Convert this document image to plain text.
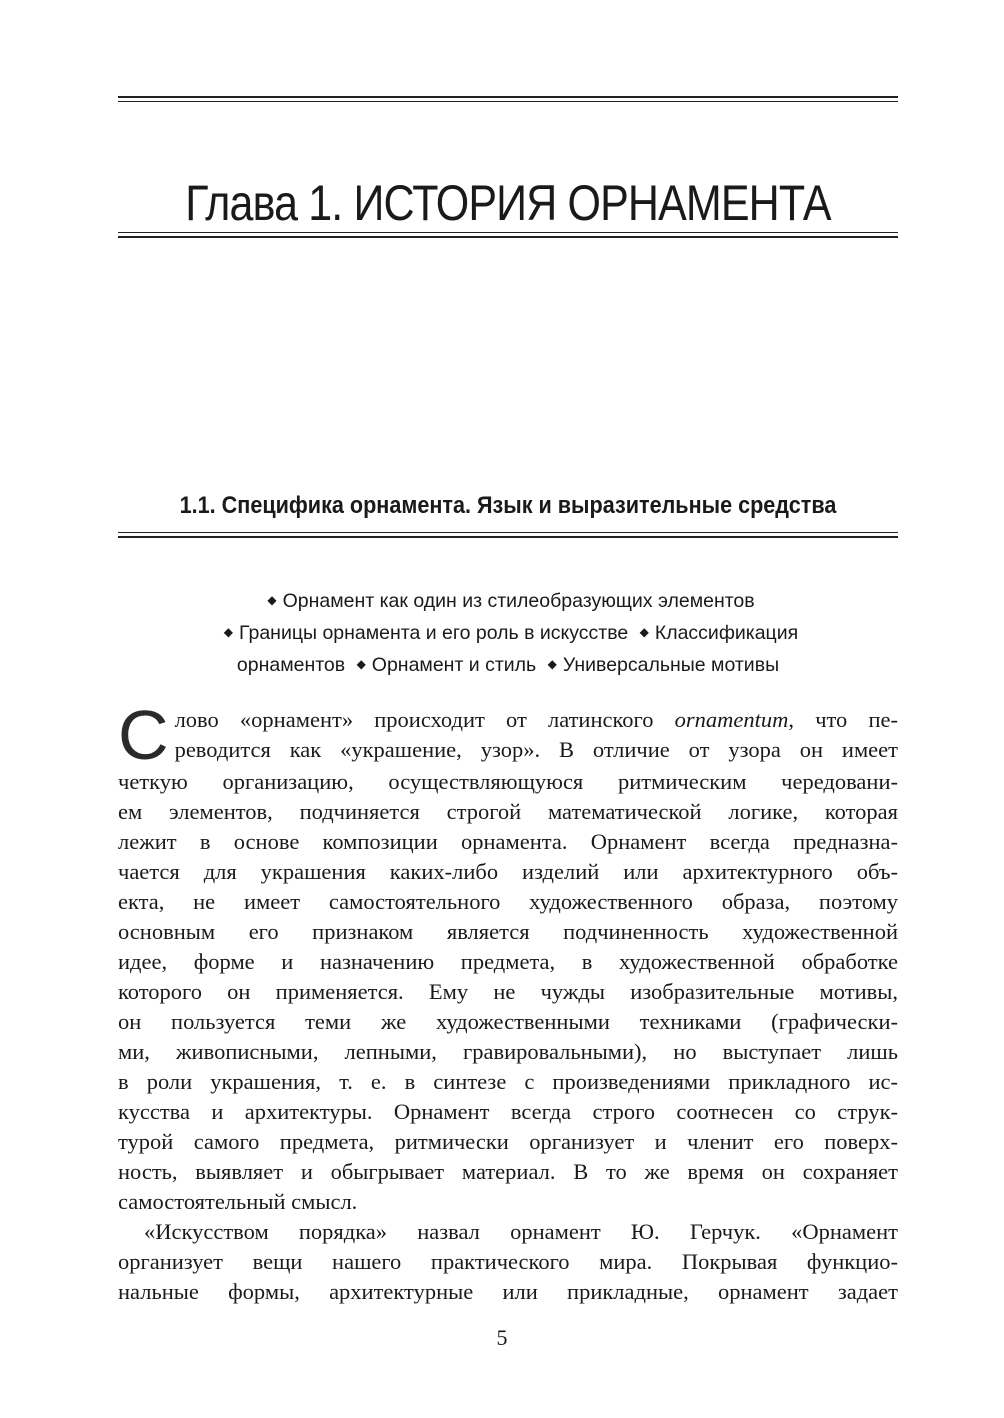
Глава 1. ИСТОРИЯ ОРНАМЕНТА
1.1. Специфика орнамента. Язык и выразительные средства
◆ Орнамент как один из стилеобразующих элементов
◆ Границы орнамента и его роль в искусстве ◆ Классификация
орнаментов ◆ Орнамент и стиль ◆ Универсальные мотивы
С лово «орнамент» происходит от латинского ornamentum, что пе-
реводится как «украшение, узор». В отличие от узора он имеет
четкую организацию, осуществляющуюся ритмическим чередовани-
ем элементов, подчиняется строгой математической логике, которая
лежит в основе композиции орнамента. Орнамент всегда предназна-
чается для украшения каких-либо изделий или архитектурного объ-
екта, не имеет самостоятельного художественного образа, поэтому
основным его признаком является подчиненность художественной
идее, форме и назначению предмета, в художественной обработке
которого он применяется. Ему не чужды изобразительные мотивы,
он пользуется теми же художественными техниками (графически-
ми, живописными, лепными, гравировальными), но выступает лишь
в роли украшения, т. е. в синтезе с произведениями прикладного ис-
кусства и архитектуры. Орнамент всегда строго соотнесен со струк-
турой самого предмета, ритмически организует и членит его поверх-
ность, выявляет и обыгрывает материал. В то же время он сохраняет
самостоятельный смысл.
«Искусством порядка» назвал орнамент Ю. Герчук. «Орнамент
организует вещи нашего практического мира. Покрывая функцио-
нальные формы, архитектурные или прикладные, орнамент задает
5
